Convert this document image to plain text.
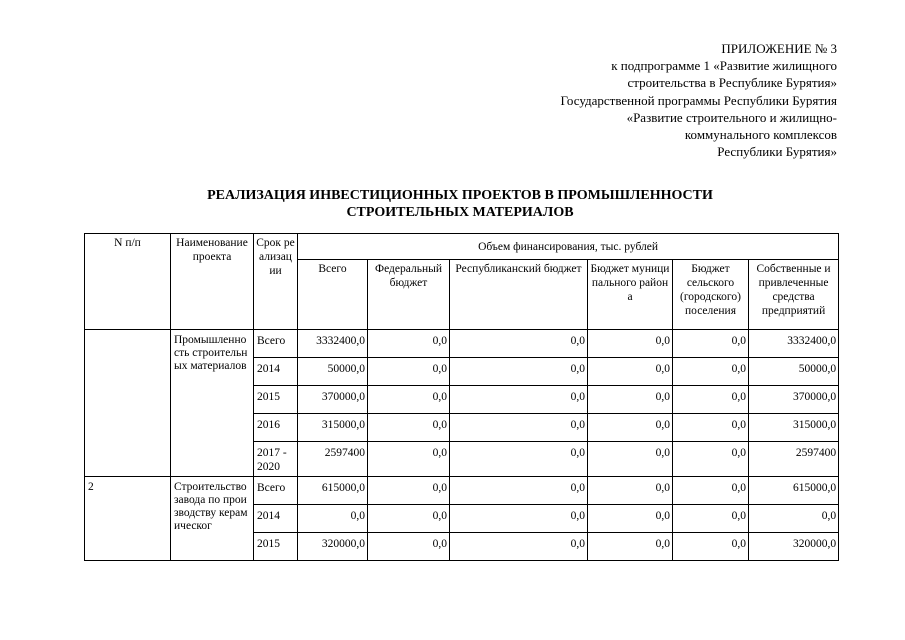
ПРИЛОЖЕНИЕ № 3
к подпрограмме 1 «Развитие жилищного
строительства в Республике Бурятия»
Государственной программы Республики Бурятия
«Развитие строительного и жилищно-
коммунального комплексов
Республики Бурятия»
РЕАЛИЗАЦИЯ ИНВЕСТИЦИОННЫХ ПРОЕКТОВ В ПРОМЫШЛЕННОСТИ
СТРОИТЕЛЬНЫХ МАТЕРИАЛОВ
N п/п	Наименование проекта	Срок реализации	Объем финансирования, тыс. рублей					
			Всего	Федеральный бюджет	Республиканский бюджет	Бюджет муниципального района	Бюджет сельского (городского) поселения	Собственные и привлеченные средства предприятий

	Промышленность строительных материалов	Всего	3332400,0	0,0	0,0	0,0	0,0	3332400,0
		2014	50000,0	0,0	0,0	0,0	0,0	50000,0
		2015	370000,0	0,0	0,0	0,0	0,0	370000,0
		2016	315000,0	0,0	0,0	0,0	0,0	315000,0
		2017 - 2020	2597400	0,0	0,0	0,0	0,0	2597400
2	Строительство завода по производству керамическог	Всего	615000,0	0,0	0,0	0,0	0,0	615000,0
		2014	0,0	0,0	0,0	0,0	0,0	0,0
		2015	320000,0	0,0	0,0	0,0	0,0	320000,0
